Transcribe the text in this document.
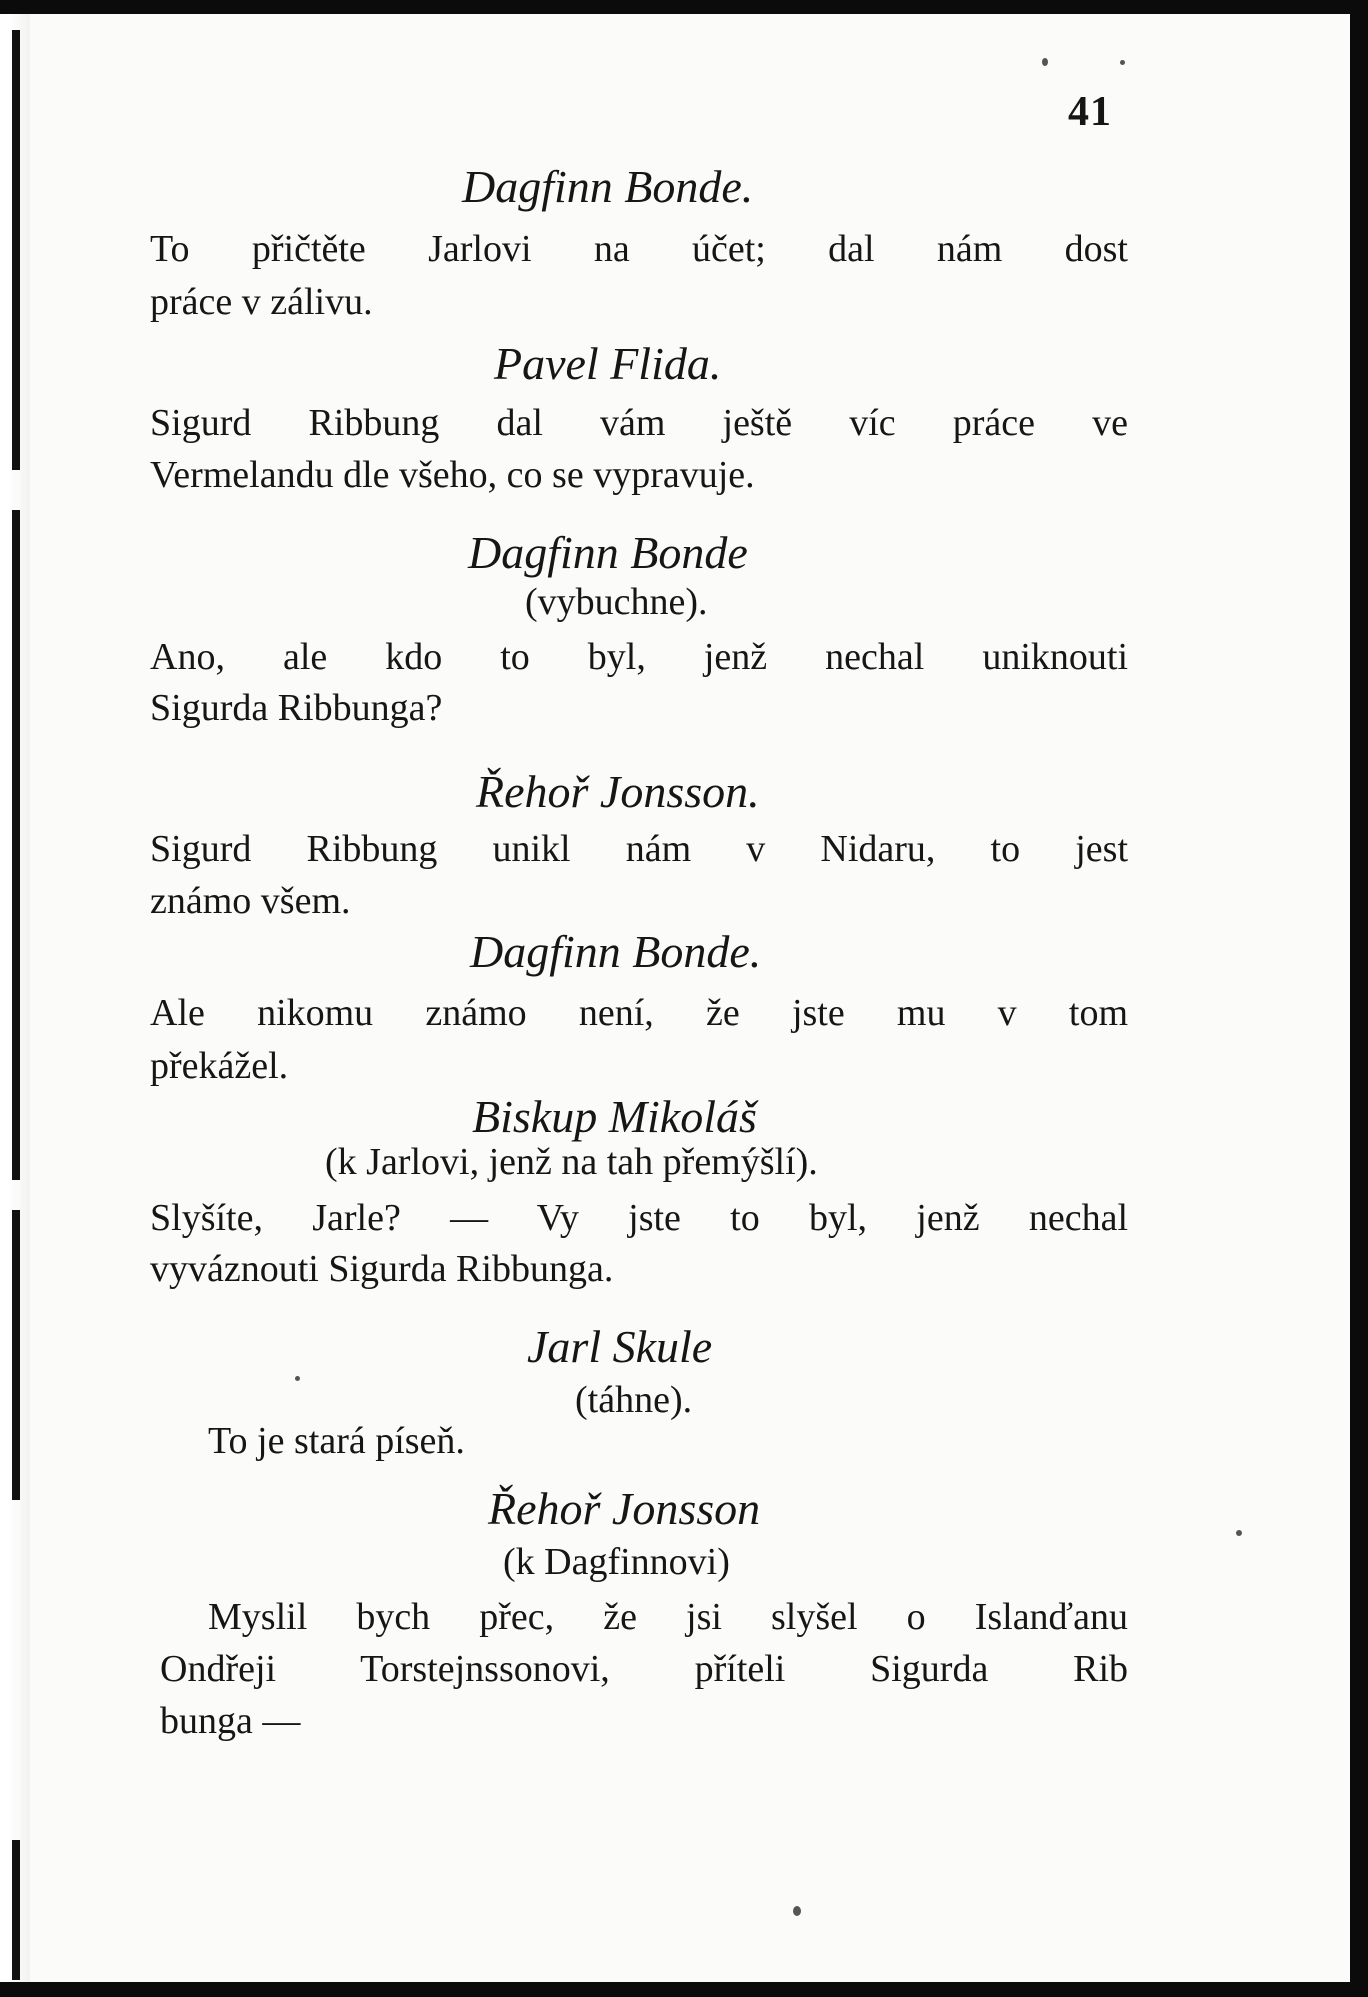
41
Dagfinn Bonde.
To přičtěte Jarlovi na účet; dal nám dost
práce v zálivu.
Pavel Flida.
Sigurd Ribbung dal vám ještě víc práce ve
Vermelandu dle všeho, co se vypravuje.
Dagfinn Bonde
(vybuchne).
Ano, ale kdo to byl, jenž nechal uniknouti
Sigurda Ribbunga?
Řehoř Jonsson.
Sigurd Ribbung unikl nám v Nidaru, to jest
známo všem.
Dagfinn Bonde.
Ale nikomu známo není, že jste mu v tom
překážel.
Biskup Mikoláš
(k Jarlovi, jenž na tah přemýšlí).
Slyšíte, Jarle? — Vy jste to byl, jenž nechal
vyváznouti Sigurda Ribbunga.
Jarl Skule
(táhne).
To je stará píseň.
Řehoř Jonsson
(k Dagfinnovi)
Myslil bych přec, že jsi slyšel o Islanďanu
Ondřeji Torstejnssonovi, příteli Sigurda Rib
bunga —
